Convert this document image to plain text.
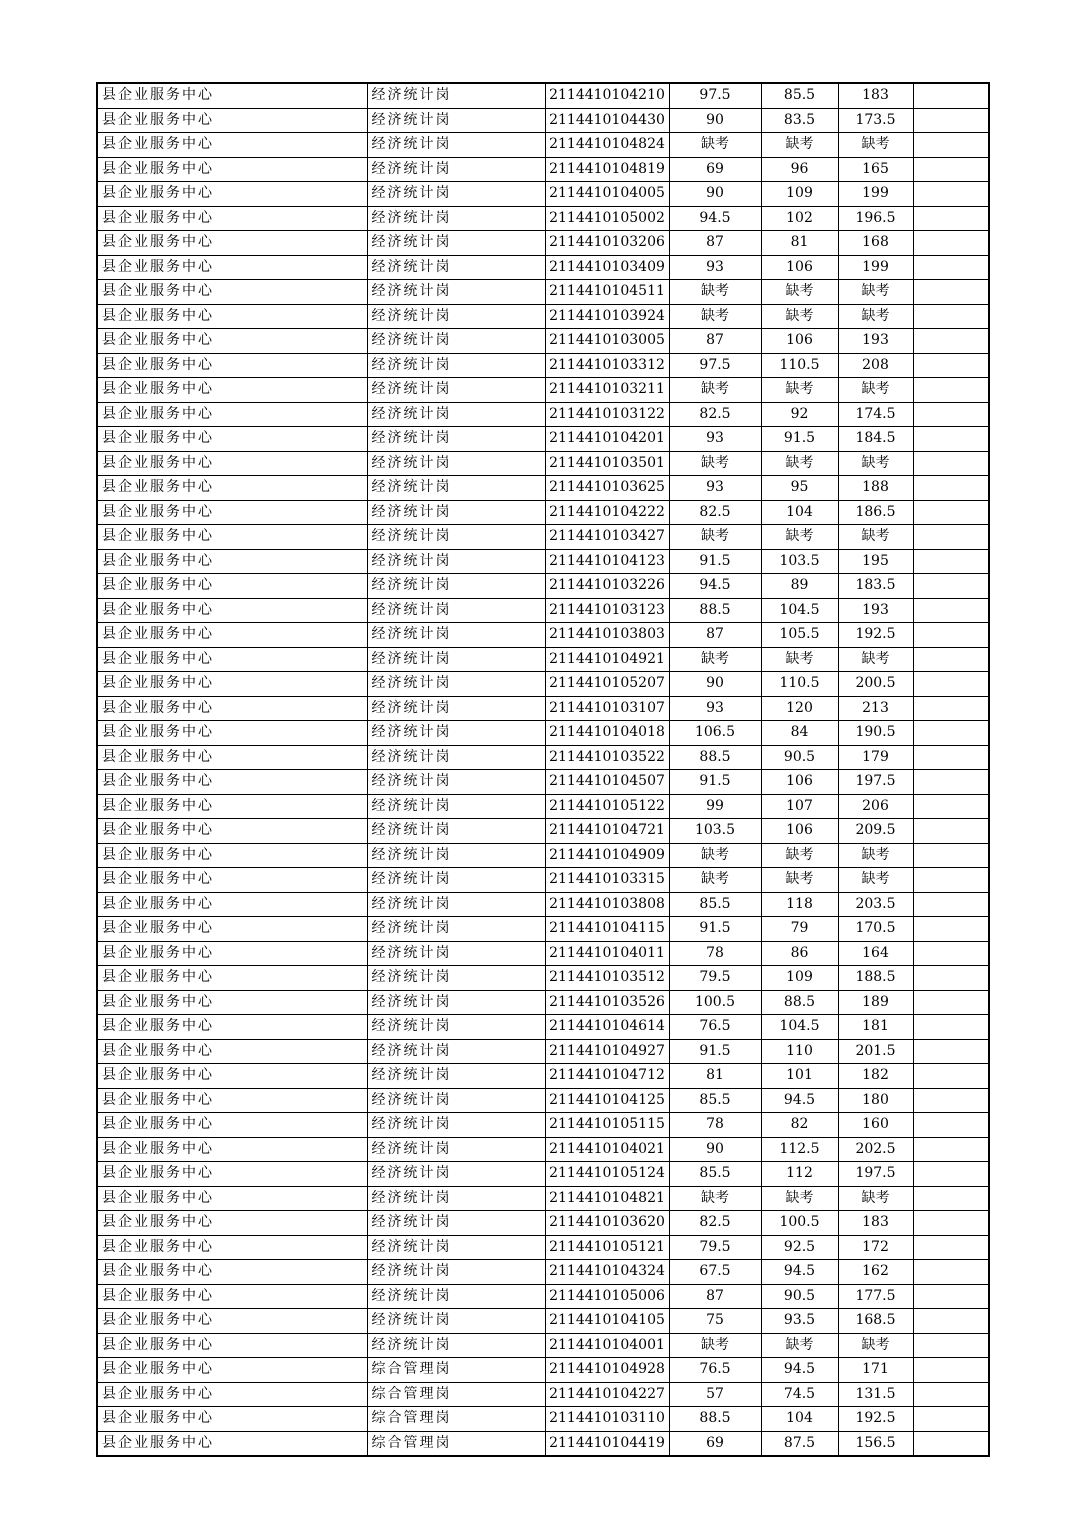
县企业服务中心	经济统计岗	2114410104210	97.5	85.5	183	
县企业服务中心	经济统计岗	2114410104430	90	83.5	173.5	
县企业服务中心	经济统计岗	2114410104824	缺考	缺考	缺考	
县企业服务中心	经济统计岗	2114410104819	69	96	165	
县企业服务中心	经济统计岗	2114410104005	90	109	199	
县企业服务中心	经济统计岗	2114410105002	94.5	102	196.5	
县企业服务中心	经济统计岗	2114410103206	87	81	168	
县企业服务中心	经济统计岗	2114410103409	93	106	199	
县企业服务中心	经济统计岗	2114410104511	缺考	缺考	缺考	
县企业服务中心	经济统计岗	2114410103924	缺考	缺考	缺考	
县企业服务中心	经济统计岗	2114410103005	87	106	193	
县企业服务中心	经济统计岗	2114410103312	97.5	110.5	208	
县企业服务中心	经济统计岗	2114410103211	缺考	缺考	缺考	
县企业服务中心	经济统计岗	2114410103122	82.5	92	174.5	
县企业服务中心	经济统计岗	2114410104201	93	91.5	184.5	
县企业服务中心	经济统计岗	2114410103501	缺考	缺考	缺考	
县企业服务中心	经济统计岗	2114410103625	93	95	188	
县企业服务中心	经济统计岗	2114410104222	82.5	104	186.5	
县企业服务中心	经济统计岗	2114410103427	缺考	缺考	缺考	
县企业服务中心	经济统计岗	2114410104123	91.5	103.5	195	
县企业服务中心	经济统计岗	2114410103226	94.5	89	183.5	
县企业服务中心	经济统计岗	2114410103123	88.5	104.5	193	
县企业服务中心	经济统计岗	2114410103803	87	105.5	192.5	
县企业服务中心	经济统计岗	2114410104921	缺考	缺考	缺考	
县企业服务中心	经济统计岗	2114410105207	90	110.5	200.5	
县企业服务中心	经济统计岗	2114410103107	93	120	213	
县企业服务中心	经济统计岗	2114410104018	106.5	84	190.5	
县企业服务中心	经济统计岗	2114410103522	88.5	90.5	179	
县企业服务中心	经济统计岗	2114410104507	91.5	106	197.5	
县企业服务中心	经济统计岗	2114410105122	99	107	206	
县企业服务中心	经济统计岗	2114410104721	103.5	106	209.5	
县企业服务中心	经济统计岗	2114410104909	缺考	缺考	缺考	
县企业服务中心	经济统计岗	2114410103315	缺考	缺考	缺考	
县企业服务中心	经济统计岗	2114410103808	85.5	118	203.5	
县企业服务中心	经济统计岗	2114410104115	91.5	79	170.5	
县企业服务中心	经济统计岗	2114410104011	78	86	164	
县企业服务中心	经济统计岗	2114410103512	79.5	109	188.5	
县企业服务中心	经济统计岗	2114410103526	100.5	88.5	189	
县企业服务中心	经济统计岗	2114410104614	76.5	104.5	181	
县企业服务中心	经济统计岗	2114410104927	91.5	110	201.5	
县企业服务中心	经济统计岗	2114410104712	81	101	182	
县企业服务中心	经济统计岗	2114410104125	85.5	94.5	180	
县企业服务中心	经济统计岗	2114410105115	78	82	160	
县企业服务中心	经济统计岗	2114410104021	90	112.5	202.5	
县企业服务中心	经济统计岗	2114410105124	85.5	112	197.5	
县企业服务中心	经济统计岗	2114410104821	缺考	缺考	缺考	
县企业服务中心	经济统计岗	2114410103620	82.5	100.5	183	
县企业服务中心	经济统计岗	2114410105121	79.5	92.5	172	
县企业服务中心	经济统计岗	2114410104324	67.5	94.5	162	
县企业服务中心	经济统计岗	2114410105006	87	90.5	177.5	
县企业服务中心	经济统计岗	2114410104105	75	93.5	168.5	
县企业服务中心	经济统计岗	2114410104001	缺考	缺考	缺考	
县企业服务中心	综合管理岗	2114410104928	76.5	94.5	171	
县企业服务中心	综合管理岗	2114410104227	57	74.5	131.5	
县企业服务中心	综合管理岗	2114410103110	88.5	104	192.5	
县企业服务中心	综合管理岗	2114410104419	69	87.5	156.5	
